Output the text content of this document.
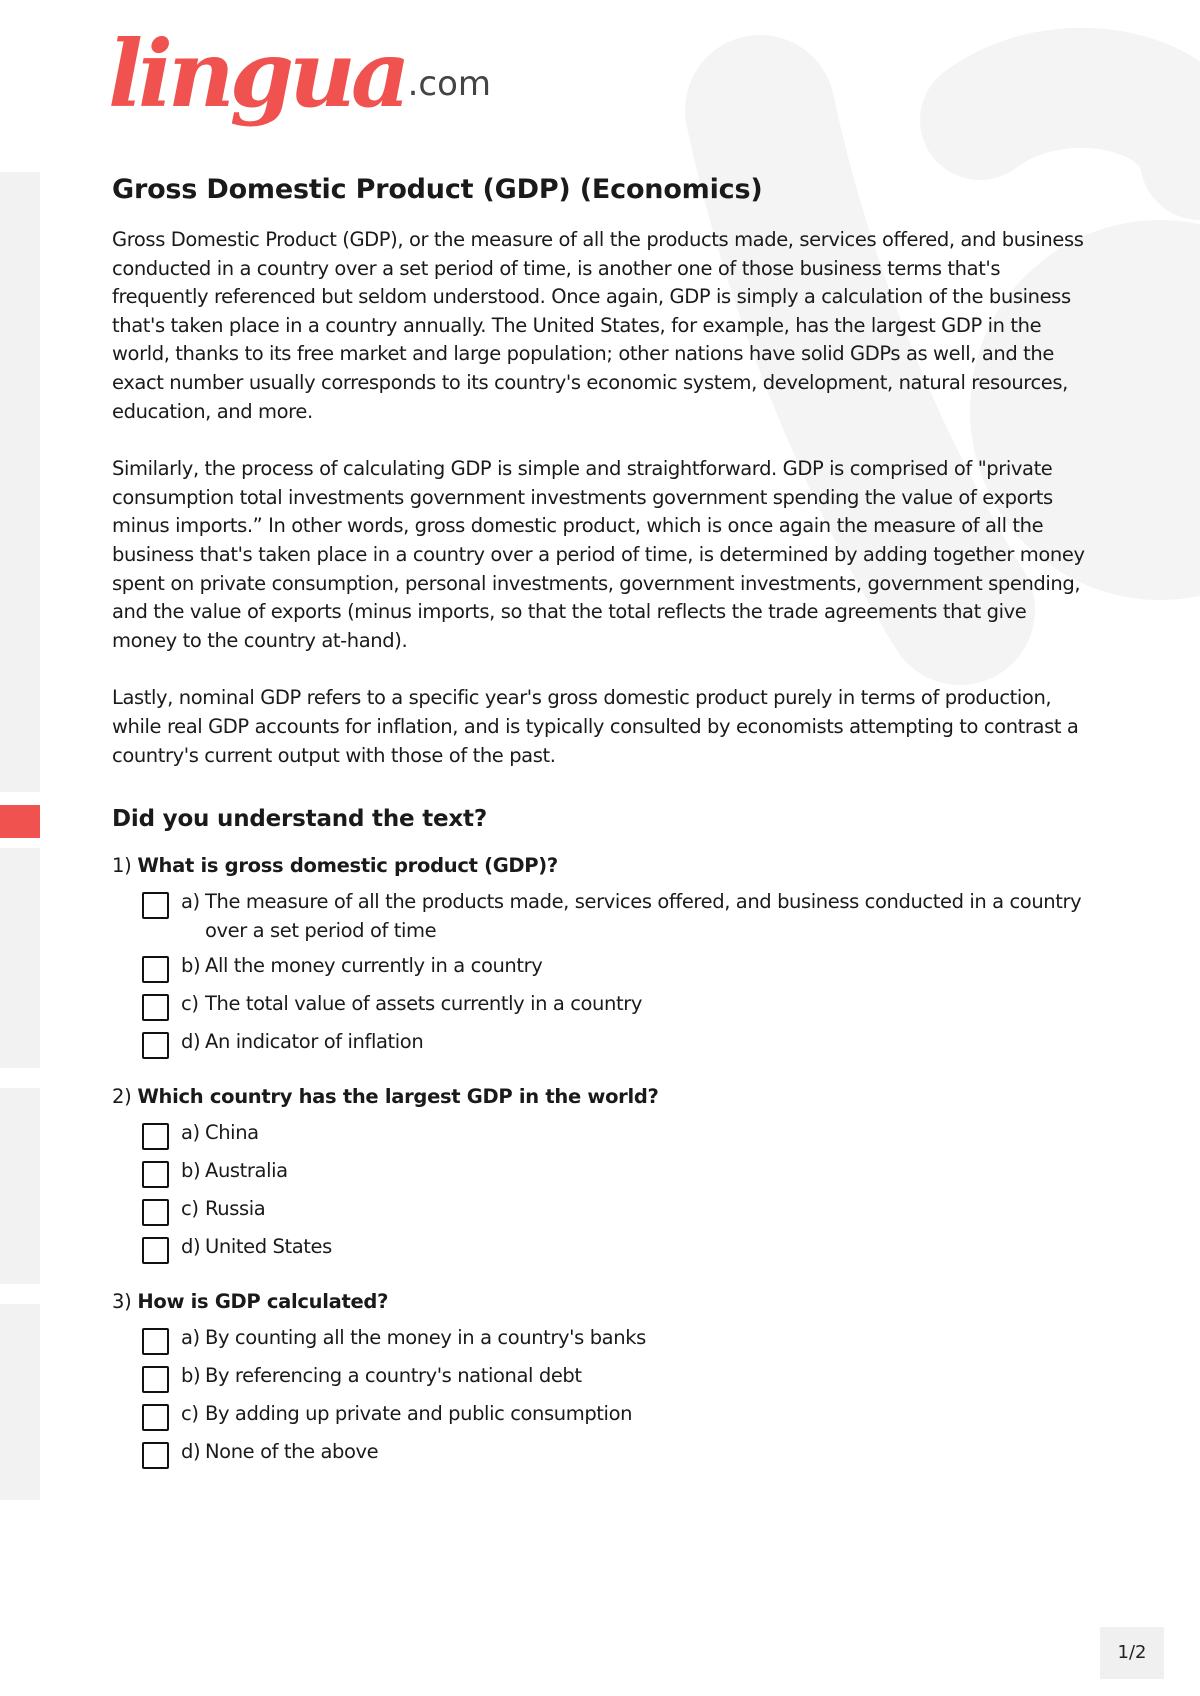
lingua .com
Gross Domestic Product (GDP) (Economics)

Gross Domestic Product (GDP), or the measure of all the products made, services offered, and business conducted in a country over a set period of time, is another one of those business terms that's frequently referenced but seldom understood. Once again, GDP is simply a calculation of the business that's taken place in a country annually. The United States, for example, has the largest GDP in the world, thanks to its free market and large population; other nations have solid GDPs as well, and the exact number usually corresponds to its country's economic system, development, natural resources, education, and more.

Similarly, the process of calculating GDP is simple and straightforward. GDP is comprised of "private consumption total investments government investments government spending the value of exports minus imports.” In other words, gross domestic product, which is once again the measure of all the business that's taken place in a country over a period of time, is determined by adding together money spent on private consumption, personal investments, government investments, government spending, and the value of exports (minus imports, so that the total reflects the trade agreements that give money to the country at-hand).

Lastly, nominal GDP refers to a specific year's gross domestic product purely in terms of production, while real GDP accounts for inflation, and is typically consulted by economists attempting to contrast a country's current output with those of the past.

Did you understand the text?
1) What is gross domestic product (GDP)?
a) The measure of all the products made, services offered, and business conducted in a country over a set period of time
b) All the money currently in a country
c) The total value of assets currently in a country
d) An indicator of inflation
2) Which country has the largest GDP in the world?
a) China
b) Australia
c) Russia
d) United States
3) How is GDP calculated?
a) By counting all the money in a country's banks
b) By referencing a country's national debt
c) By adding up private and public consumption
d) None of the above
1/2
